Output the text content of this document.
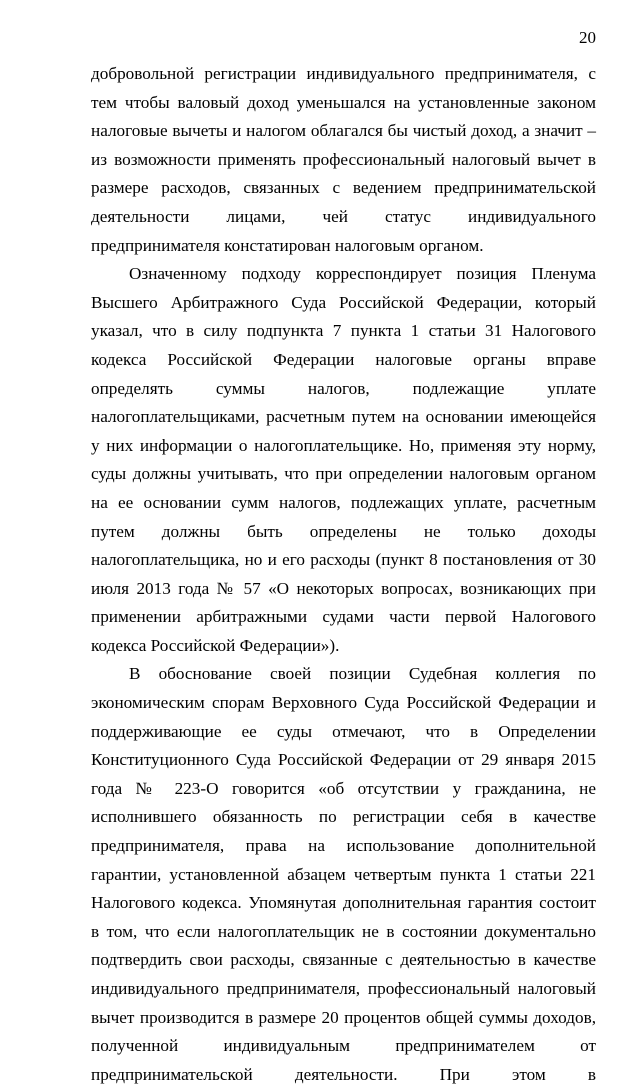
20

добровольной регистрации индивидуального предпринимателя, с тем чтобы валовый доход уменьшался на установленные законом налоговые вычеты и налогом облагался бы чистый доход, а значит – из возможности применять профессиональный налоговый вычет в размере расходов, связанных с ведением предпринимательской деятельности лицами, чей статус индивидуального предпринимателя констатирован налоговым органом.

Означенному подходу корреспондирует позиция Пленума Высшего Арбитражного Суда Российской Федерации, который указал, что в силу подпункта 7 пункта 1 статьи 31 Налогового кодекса Российской Федерации налоговые органы вправе определять суммы налогов, подлежащие уплате налогоплательщиками, расчетным путем на основании имеющейся у них информации о налогоплательщике. Но, применяя эту норму, суды должны учитывать, что при определении налоговым органом на ее основании сумм налогов, подлежащих уплате, расчетным путем должны быть определены не только доходы налогоплательщика, но и его расходы (пункт 8 постановления от 30 июля 2013 года № 57 «О некоторых вопросах, возникающих при применении арбитражными судами части первой Налогового кодекса Российской Федерации»).

В обоснование своей позиции Судебная коллегия по экономическим спорам Верховного Суда Российской Федерации и поддерживающие ее суды отмечают, что в Определении Конституционного Суда Российской Федерации от 29 января 2015 года № 223-О говорится «об отсутствии у гражданина, не исполнившего обязанность по регистрации себя в качестве предпринимателя, права на использование дополнительной гарантии, установленной абзацем четвертым пункта 1 статьи 221 Налогового кодекса. Упомянутая дополнительная гарантия состоит в том, что если налогоплательщик не в состоянии документально подтвердить свои расходы, связанные с деятельностью в качестве индивидуального предпринимателя, профессиональный налоговый вычет производится в размере 20 процентов общей суммы доходов, полученной индивидуальным предпринимателем от предпринимательской деятельности. При этом в
